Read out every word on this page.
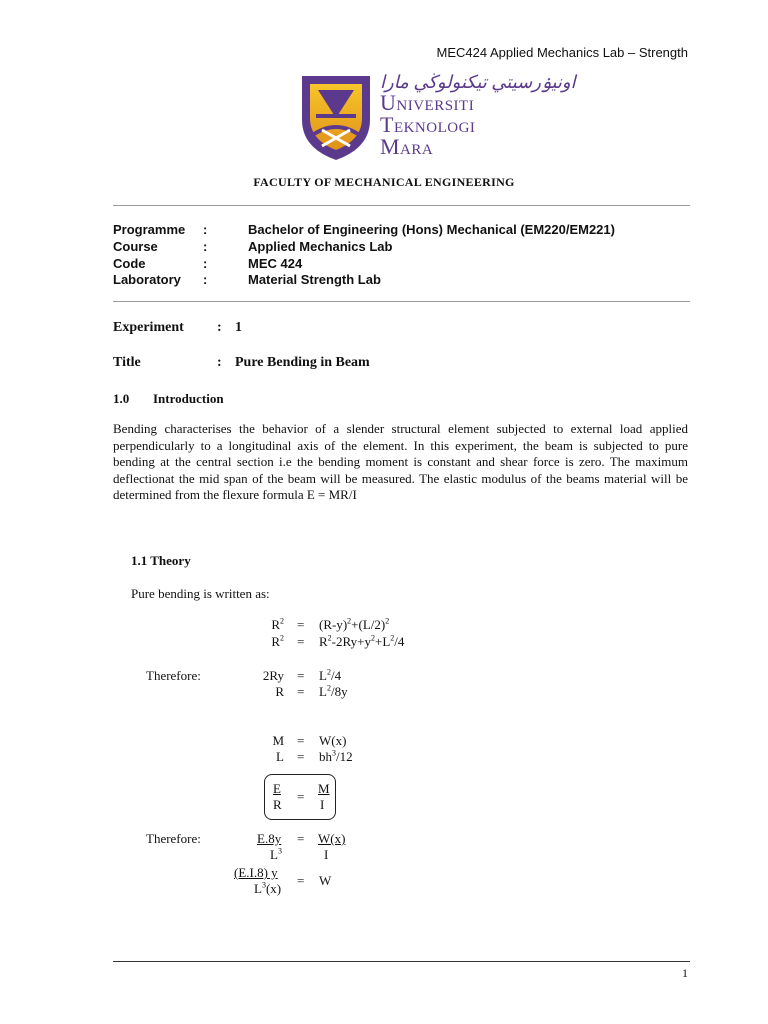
MEC424 Applied Mechanics Lab – Strength
اونيۏرسيتي تيكنولوڬي مارا
Universiti
Teknologi
Mara
FACULTY OF MECHANICAL ENGINEERING
Programme :	Bachelor of Engineering (Hons) Mechanical (EM220/EM221)
Course	:	Applied Mechanics Lab
Code	:	MEC 424
Laboratory :	Material Strength Lab
Experiment : 1
Title	: Pure Bending in Beam
1.0 Introduction
Bending characterises the behavior of a slender structural element subjected to external load applied perpendicularly to a longitudinal axis of the element. In this experiment, the beam is subjected to pure bending at the central section i.e the bending moment is constant and shear force is zero. The maximum deflectionat the mid span of the beam will be measured. The elastic modulus of the beams material will be determined from the flexure formula E = MR/I
1.1 Theory
Pure bending is written as:
$R^2 = (R-y)^2+(L/2)^2$
$R^2 = R^2-2Ry+y^2+L^2/4$
Therefore:	$2Ry = L^2/4$
$R = L^2/8y$
M = W(x)
$L = bh^3/12$
E
R
=
M
I
Therefore:	E.8y
$L^3$
= W(x)
I
(E.I.8) y
$L^3(x)$
= W
1
